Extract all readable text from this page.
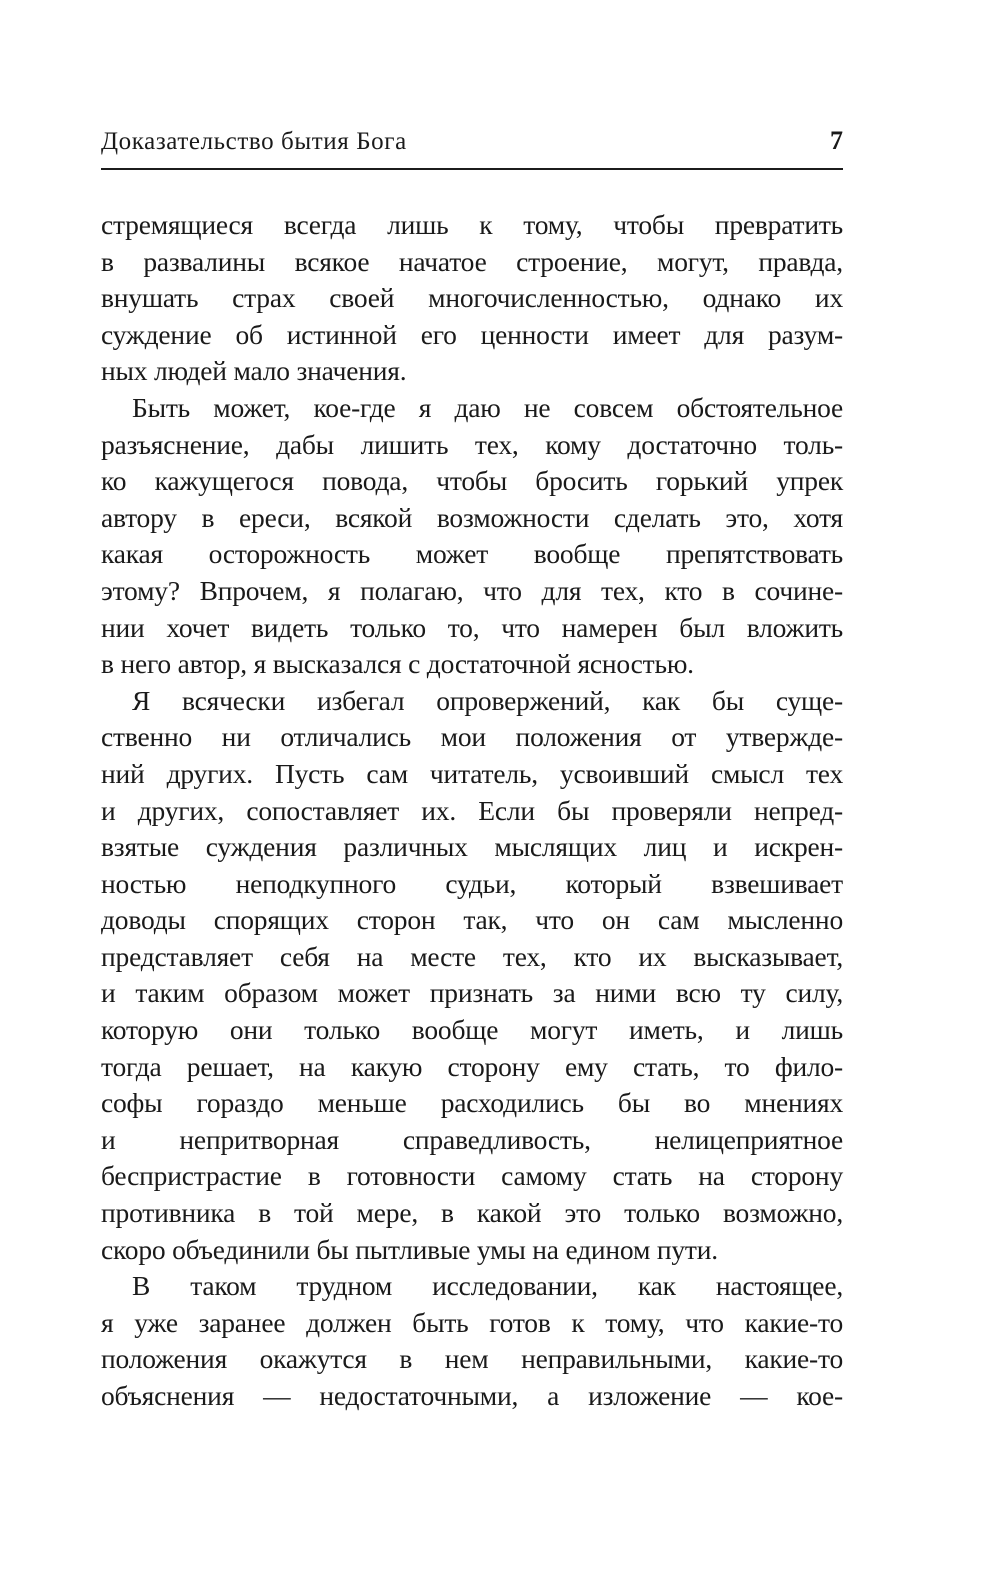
Доказательство бытия Бога	7
стремящиеся всегда лишь к тому, чтобы превратить
в развалины всякое начатое строение, могут, правда,
внушать страх своей многочисленностью, однако их
суждение об истинной его ценности имеет для разум-
ных людей мало значения.
Быть может, кое-где я даю не совсем обстоятельное
разъяснение, дабы лишить тех, кому достаточно толь-
ко кажущегося повода, чтобы бросить горький упрек
автору в ереси, всякой возможности сделать это, хотя
какая осторожность может вообще препятствовать
этому? Впрочем, я полагаю, что для тех, кто в сочине-
нии хочет видеть только то, что намерен был вложить
в него автор, я высказался с достаточной ясностью.
Я всячески избегал опровержений, как бы суще-
ственно ни отличались мои положения от утвержде-
ний других. Пусть сам читатель, усвоивший смысл тех
и других, сопоставляет их. Если бы проверяли непред-
взятые суждения различных мыслящих лиц и искрен-
ностью неподкупного судьи, который взвешивает
доводы спорящих сторон так, что он сам мысленно
представляет себя на месте тех, кто их высказывает,
и таким образом может признать за ними всю ту силу,
которую они только вообще могут иметь, и лишь
тогда решает, на какую сторону ему стать, то фило-
софы гораздо меньше расходились бы во мнениях
и непритворная справедливость, нелицеприятное
беспристрастие в готовности самому стать на сторону
противника в той мере, в какой это только возможно,
скоро объединили бы пытливые умы на едином пути.
В таком трудном исследовании, как настоящее,
я уже заранее должен быть готов к тому, что какие-то
положения окажутся в нем неправильными, какие-то
объяснения — недостаточными, а изложение — кое-
